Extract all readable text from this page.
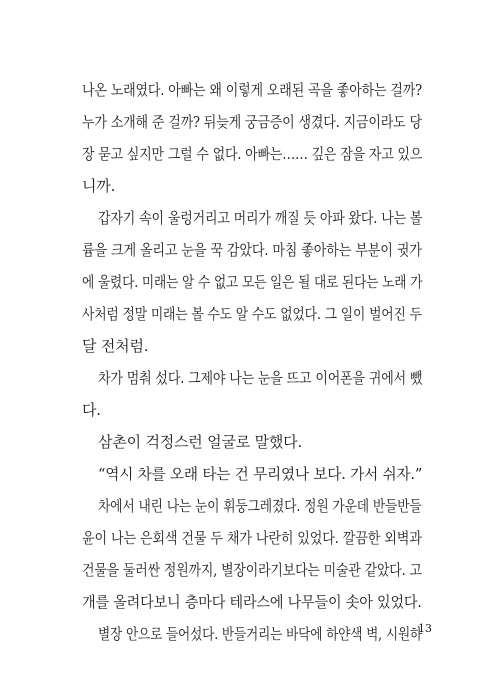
나온 노래였다. 아빠는 왜 이렇게 오래된 곡을 좋아하는 걸까?
누가 소개해 준 걸까? 뒤늦게 궁금증이 생겼다. 지금이라도 당
장 묻고 싶지만 그럴 수 없다. 아빠는…… 깊은 잠을 자고 있으
니까.
갑자기 속이 울렁거리고 머리가 깨질 듯 아파 왔다. 나는 볼
륨을 크게 올리고 눈을 꾹 감았다. 마침 좋아하는 부분이 귓가
에 울렸다. 미래는 알 수 없고 모든 일은 될 대로 된다는 노래 가
사처럼 정말 미래는 볼 수도 알 수도 없었다. 그 일이 벌어진 두
달 전처럼.
차가 멈춰 섰다. 그제야 나는 눈을 뜨고 이어폰을 귀에서 뺐
다.
삼촌이 걱정스런 얼굴로 말했다.
“역시 차를 오래 타는 건 무리였나 보다. 가서 쉬자.”
차에서 내린 나는 눈이 휘둥그레졌다. 정원 가운데 반들반들
윤이 나는 은회색 건물 두 채가 나란히 있었다. 깔끔한 외벽과
건물을 둘러싼 정원까지, 별장이라기보다는 미술관 같았다. 고
개를 올려다보니 층마다 테라스에 나무들이 솟아 있었다.
별장 안으로 들어섰다. 반들거리는 바닥에 하얀색 벽, 시원하
13
